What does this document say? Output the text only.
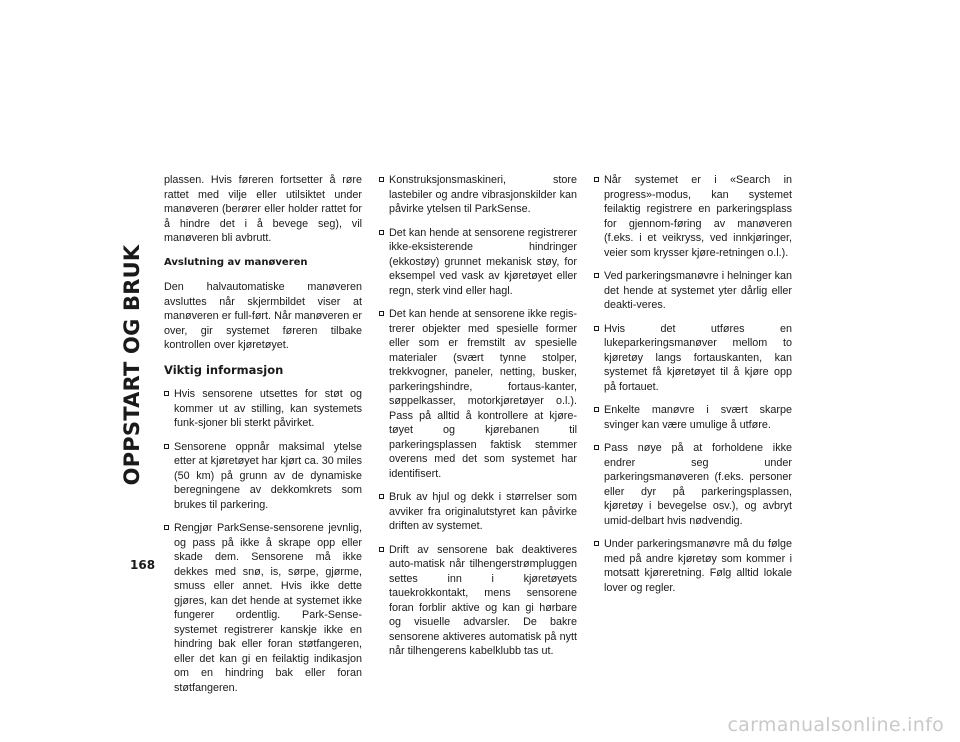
OPPSTART OG BRUK
168

plassen. Hvis føreren fortsetter å røre rattet med vilje eller utilsiktet under manøveren (berører eller holder rattet for å hindre det i å bevege seg), vil manøveren bli avbrutt.

Avslutning av manøveren

Den halvautomatiske manøveren avsluttes når skjermbildet viser at manøveren er full-ført. Når manøveren er over, gir systemet føreren tilbake kontrollen over kjøretøyet.

Viktig informasjon
Hvis sensorene utsettes for støt og kommer ut av stilling, kan systemets funk-sjoner bli sterkt påvirket.
Sensorene oppnår maksimal ytelse etter at kjøretøyet har kjørt ca. 30 miles (50 km) på grunn av de dynamiske beregningene av dekkomkrets som brukes til parkering.
Rengjør ParkSense-sensorene jevnlig, og pass på ikke å skrape opp eller skade dem. Sensorene må ikke dekkes med snø, is, sørpe, gjørme, smuss eller annet. Hvis ikke dette gjøres, kan det hende at systemet ikke fungerer ordentlig. Park-Sense-systemet registrerer kanskje ikke en hindring bak eller foran støtfangeren, eller det kan gi en feilaktig indikasjon om en hindring bak eller foran støtfangeren.
Konstruksjonsmaskineri, store lastebiler og andre vibrasjonskilder kan påvirke ytelsen til ParkSense.
Det kan hende at sensorene registrerer ikke-eksisterende hindringer (ekkostøy) grunnet mekanisk støy, for eksempel ved vask av kjøretøyet eller regn, sterk vind eller hagl.
Det kan hende at sensorene ikke regis-trerer objekter med spesielle former eller som er fremstilt av spesielle materialer (svært tynne stolper, trekkvogner, paneler, netting, busker, parkeringshindre, fortaus-kanter, søppelkasser, motorkjøretøyer o.l.). Pass på alltid å kontrollere at kjøre-tøyet og kjørebanen til parkeringsplassen faktisk stemmer overens med det som systemet har identifisert.
Bruk av hjul og dekk i størrelser som avviker fra originalutstyret kan påvirke driften av systemet.
Drift av sensorene bak deaktiveres auto-matisk når tilhengerstrømpluggen settes inn i kjøretøyets tauekrokkontakt, mens sensorene foran forblir aktive og kan gi hørbare og visuelle advarsler. De bakre sensorene aktiveres automatisk på nytt når tilhengerens kabelklubb tas ut.
Når systemet er i «Search in progress»-modus, kan systemet feilaktig registrere en parkeringsplass for gjennom-føring av manøveren (f.eks. i et veikryss, ved innkjøringer, veier som krysser kjøre-retningen o.l.).
Ved parkeringsmanøvre i helninger kan det hende at systemet yter dårlig eller deakti-veres.
Hvis det utføres en lukeparkeringsmanøver mellom to kjøretøy langs fortauskanten, kan systemet få kjøretøyet til å kjøre opp på fortauet.
Enkelte manøvre i svært skarpe svinger kan være umulige å utføre.
Pass nøye på at forholdene ikke endrer seg under parkeringsmanøveren (f.eks. personer eller dyr på parkeringsplassen, kjøretøy i bevegelse osv.), og avbryt umid-delbart hvis nødvendig.
Under parkeringsmanøvre må du følge med på andre kjøretøy som kommer i motsatt kjøreretning. Følg alltid lokale lover og regler.
carmanualsonline.info
